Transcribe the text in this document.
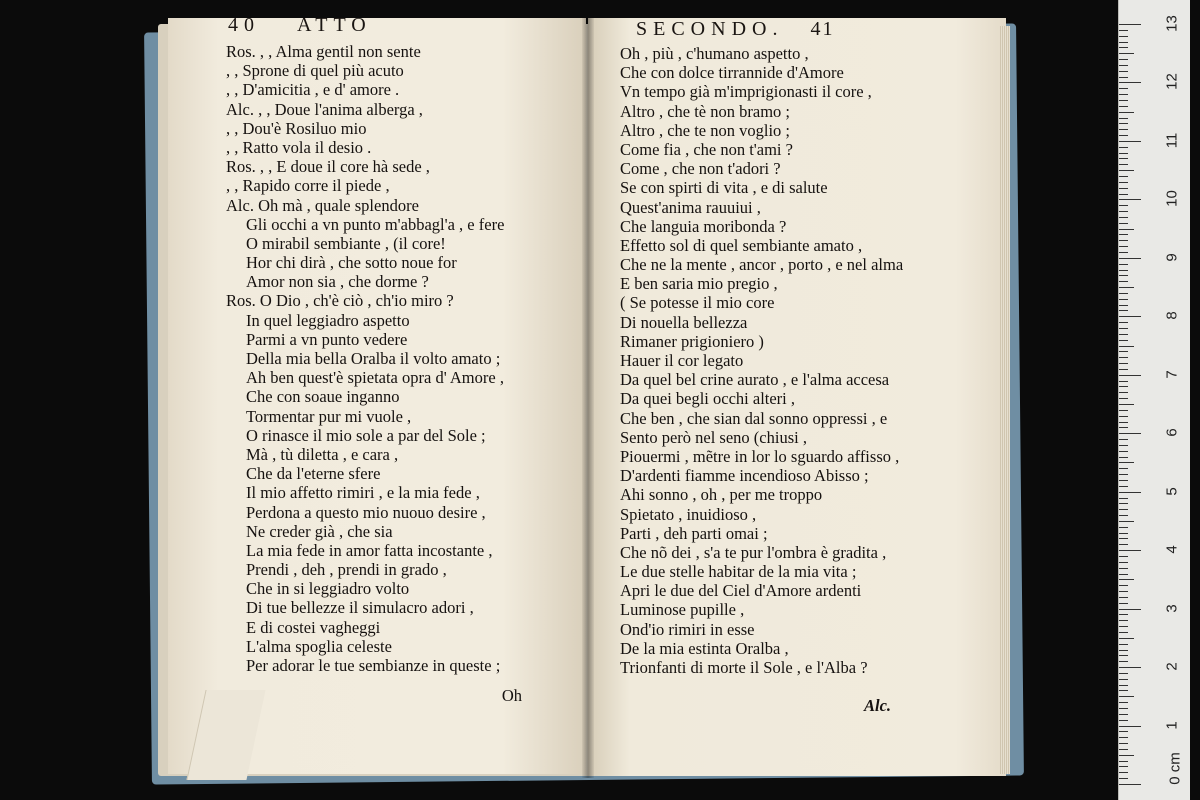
40 ATTO
Ros. , , Alma gentil non sente
, , Sprone di quel più acuto
, , D'amicitia , e d' amore .
Alc. , , Doue l'anima alberga ,
, , Dou'è Rosiluo mio
, , Ratto vola il desio .
Ros. , , E doue il core hà sede ,
, , Rapido corre il piede ,
Alc. Oh mà , quale splendore
Gli occhi a vn punto m'abbagl'a , e fere
O mirabil sembiante , (il core!
Hor chi dirà , che sotto noue for
Amor non sia , che dorme ?
Ros. O Dio , ch'è ciò , ch'io miro ?
In quel leggiadro aspetto
Parmi a vn punto vedere
Della mia bella Oralba il volto amato ;
Ah ben quest'è spietata opra d' Amore ,
Che con soaue inganno
Tormentar pur mi vuole ,
O rinasce il mio sole a par del Sole ;
Mà , tù diletta , e cara ,
Che da l'eterne sfere
Il mio affetto rimiri , e la mia fede ,
Perdona a questo mio nuouo desire ,
Ne creder già , che sia
La mia fede in amor fatta incostante ,
Prendi , deh , prendi in grado ,
Che in si leggiadro volto
Di tue bellezze il simulacro adori ,
E di costei vagheggi
L'alma spoglia celeste
Per adorar le tue sembianze in queste ;
Oh
SECONDO. 41
Oh , più , c'humano aspetto ,
Che con dolce tirrannide d'Amore
Vn tempo già m'imprigionasti il core ,
Altro , che tè non bramo ;
Altro , che te non voglio ;
Come fia , che non t'ami ?
Come , che non t'adori ?
Se con spirti di vita , e di salute
Quest'anima rauuiui ,
Che languia moribonda ?
Effetto sol di quel sembiante amato ,
Che ne la mente , ancor , porto , e nel alma
E ben saria mio pregio ,
( Se potesse il mio core
Di nouella bellezza
Rimaner prigioniero )
Hauer il cor legato
Da quel bel crine aurato , e l'alma accesa
Da quei begli occhi alteri ,
Che ben , che sian dal sonno oppressi , e
Sento però nel seno (chiusi ,
Piouermi , mẽtre in lor lo sguardo affisso ,
D'ardenti fiamme incendioso Abisso ;
Ahi sonno , oh , per me troppo
Spietato , inuidioso ,
Parti , deh parti omai ;
Che nõ dei , s'a te pur l'ombra è gradita ,
Le due stelle habitar de la mia vita ;
Apri le due del Ciel d'Amore ardenti
Luminose pupille ,
Ond'io rimiri in esse
De la mia estinta Oralba ,
Trionfanti di morte il Sole , e l'Alba ?
Alc.
0 cm
1
2
3
4
5
6
7
8
9
10
11
12
13
